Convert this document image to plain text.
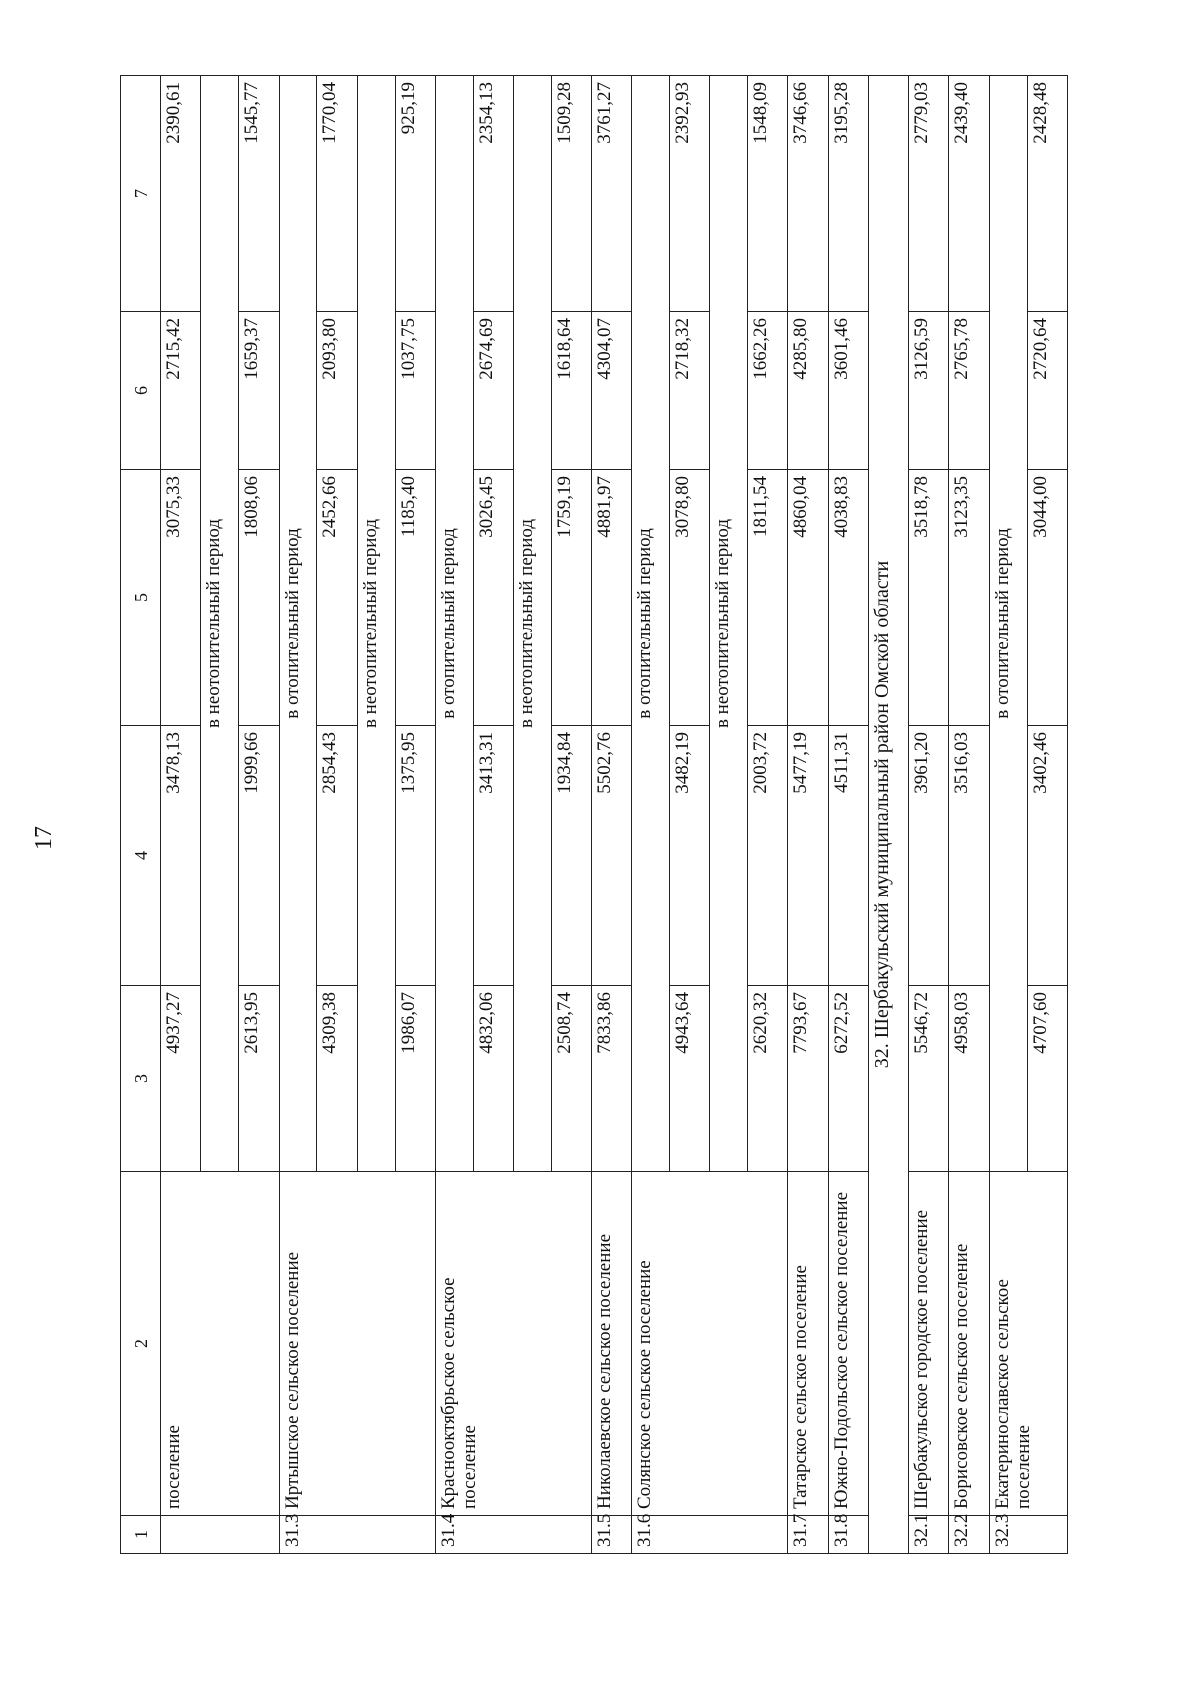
17
1	2	3	4	5	6	7

	поселение	4937,27	3478,13	3075,33	2715,42	2390,61
		в неотопительный период				
		2613,95	1999,66	1808,06	1659,37	1545,77
31.3	Иртышское сельское поселение	в отопительный период				
		4309,38	2854,43	2452,66	2093,80	1770,04
		в неотопительный период				
		1986,07	1375,95	1185,40	1037,75	925,19
31.4	Краснооктябрьское сельское поселение	в отопительный период				
		4832,06	3413,31	3026,45	2674,69	2354,13
		в неотопительный период				
		2508,74	1934,84	1759,19	1618,64	1509,28
31.5	Николаевское сельское поселение	7833,86	5502,76	4881,97	4304,07	3761,27
31.6	Солянское сельское поселение	в отопительный период				
		4943,64	3482,19	3078,80	2718,32	2392,93
		в неотопительный период				
		2620,32	2003,72	1811,54	1662,26	1548,09
31.7	Татарское сельское поселение	7793,67	5477,19	4860,04	4285,80	3746,66
31.8	Южно-Подольское сельское поселение	6272,52	4511,31	4038,83	3601,46	3195,28
32. Шербакульский муниципальный район Омской области						
32.1	Шербакульское городское поселение	5546,72	3961,20	3518,78	3126,59	2779,03
32.2	Борисовское сельское поселение	4958,03	3516,03	3123,35	2765,78	2439,40
32.3	Екатеринославское сельское поселение	в отопительный период				
		4707,60	3402,46	3044,00	2720,64	2428,48
